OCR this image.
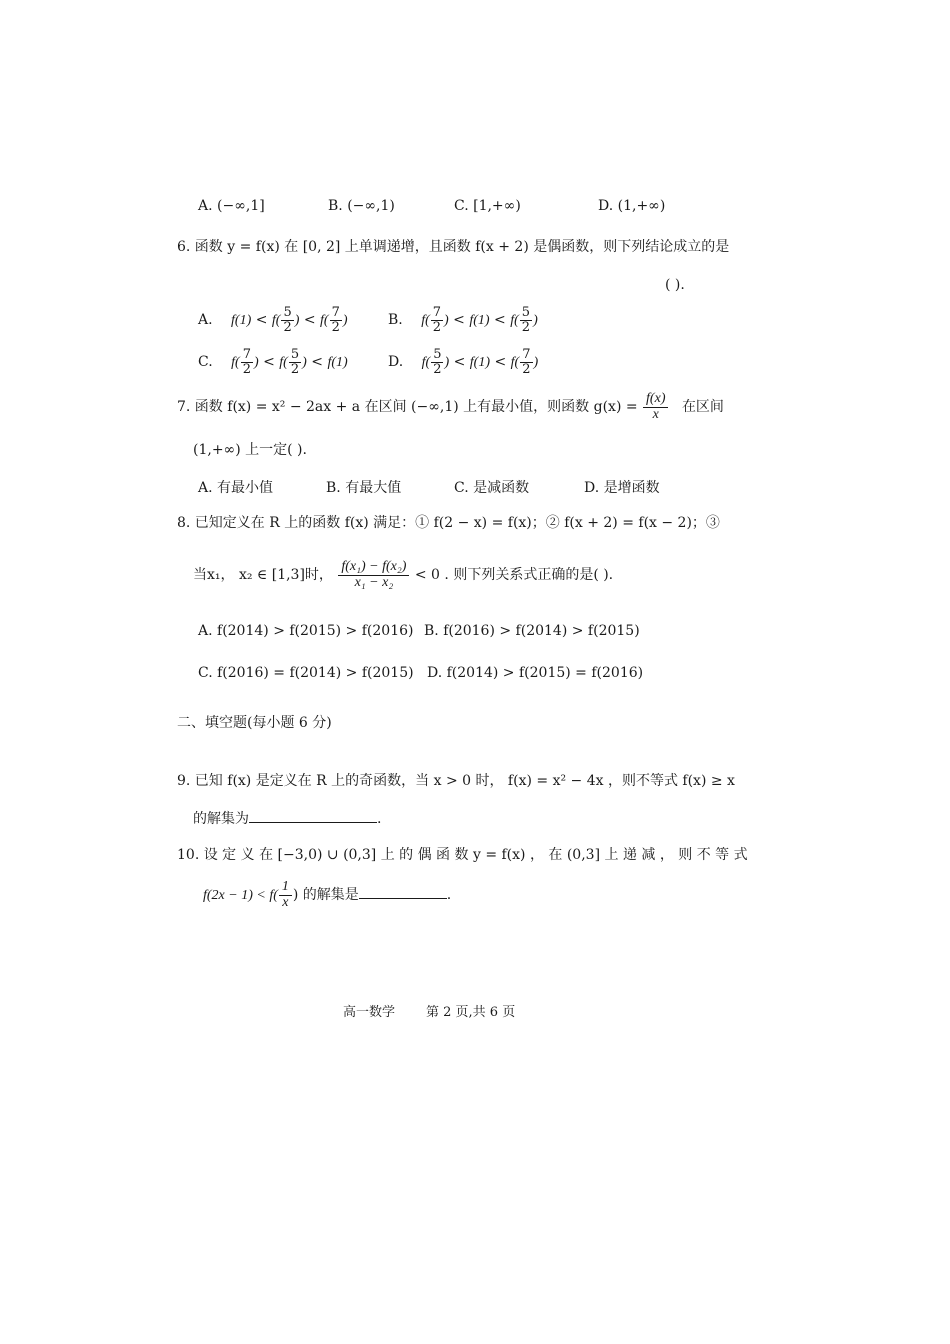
A. (−∞,1]	B. (−∞,1)	C. [1,+∞)	D. (1,+∞)
6. 函数 y = f(x) 在 [0, 2] 上单调递增，且函数 f(x + 2) 是偶函数，则下列结论成立的是
( ).
A. $f(1) < f( \frac{5}{2}$ ) < $f( \frac{7}{2}$ )	B. $f( \frac{7}{2}$ ) < $f(1) < f( \frac{5}{2}$ )
C. $f( \frac{7}{2}$ ) < $f( \frac{5}{2}$ ) < f(1)	D. $f( \frac{5}{2}$ ) < $f(1) < f( \frac{7}{2}$ )
7. 函数 f(x) = x² − 2ax + a 在区间 (−∞,1) 上有最小值，则函数 $g(x) = \frac{f(x)}{x}$ 在区间
(1,+∞) 上一定( ).
A. 有最小值	B. 有最大值	C. 是减函数	D. 是增函数
8. 已知定义在 R 上的函数 f(x) 满足：① f(2 − x) = f(x)；② f(x + 2) = f(x − 2)；③
当x₁， x₂ ∈ [1,3]时， $\frac{\text{f(x₁) − f(x₂)}}{\text{x₁ − x₂}} < 0$ . 则下列关系式正确的是( ).
A. f(2014) > f(2015) > f(2016) B. f(2016) > f(2014) > f(2015)
C. f(2016) = f(2014) > f(2015) D. f(2014) > f(2015) = f(2016)
二、填空题(每小题 6 分)
9. 已知 f(x) 是定义在 R 上的奇函数，当 x > 0 时， f(x) = x² − 4x ，则不等式 f(x) ≥ x
的解集为	.
10. 设 定 义 在 [−3,0) ∪ (0,3] 上 的 偶 函 数 y = f(x) ， 在 (0,3] 上 递 减 ， 则 不 等 式
$f(2x - 1) < f( \frac{1}{x}$ ) 的解集是	.
高一数学 第 2 页,共 6 页
